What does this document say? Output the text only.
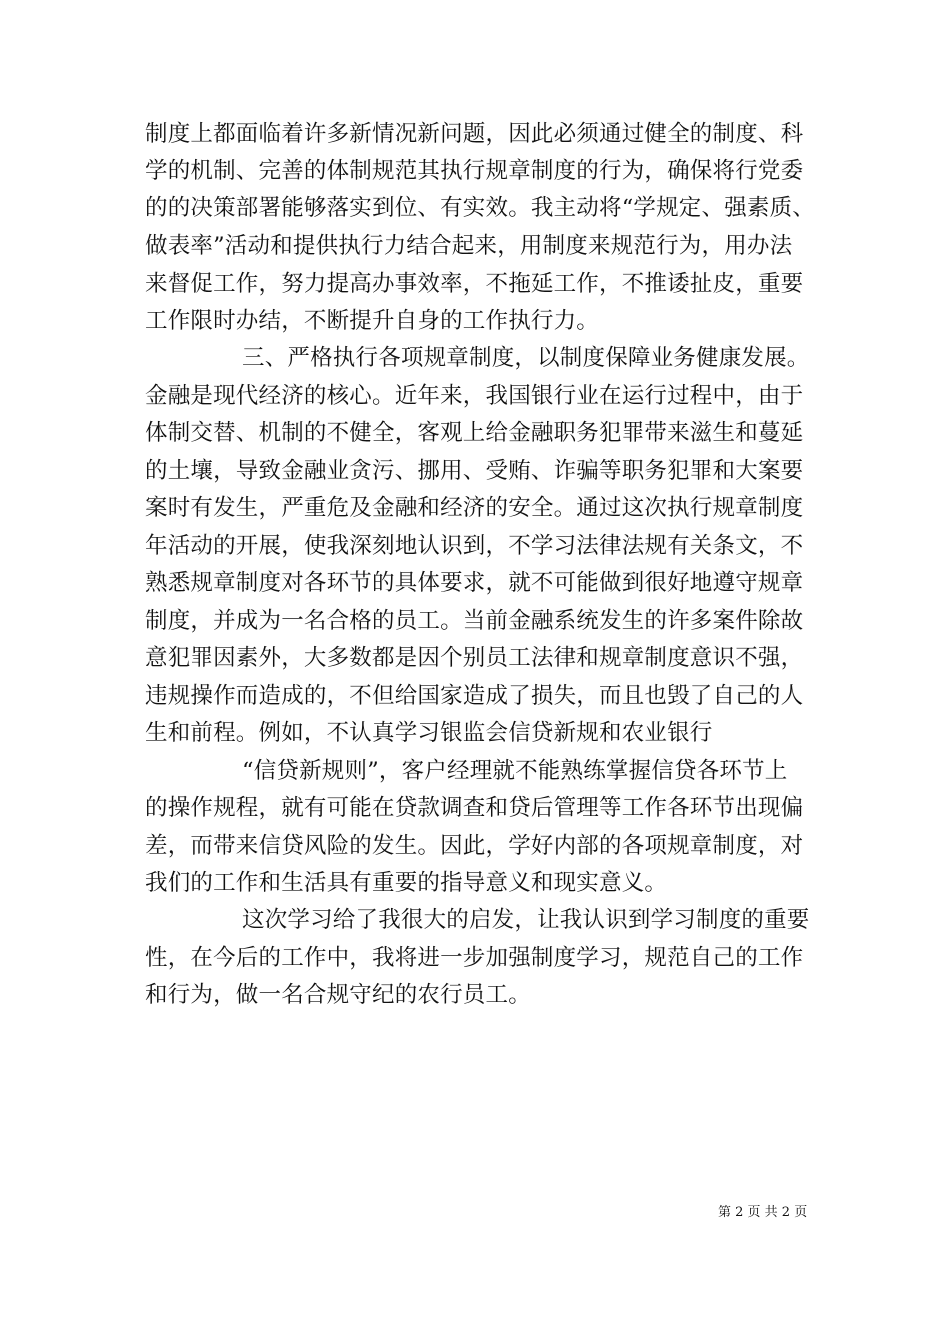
制度上都面临着许多新情况新问题，因此必须通过健全的制度、科
学的机制、完善的体制规范其执行规章制度的行为，确保将行党委
的的决策部署能够落实到位、有实效。我主动将“学规定、强素质、
做表率”活动和提供执行力结合起来，用制度来规范行为，用办法
来督促工作，努力提高办事效率，不拖延工作，不推诿扯皮，重要
工作限时办结，不断提升自身的工作执行力。
三、严格执行各项规章制度，以制度保障业务健康发展。
金融是现代经济的核心。近年来，我国银行业在运行过程中，由于
体制交替、机制的不健全，客观上给金融职务犯罪带来滋生和蔓延
的土壤，导致金融业贪污、挪用、受贿、诈骗等职务犯罪和大案要
案时有发生，严重危及金融和经济的安全。通过这次执行规章制度
年活动的开展，使我深刻地认识到，不学习法律法规有关条文，不
熟悉规章制度对各环节的具体要求，就不可能做到很好地遵守规章
制度，并成为一名合格的员工。当前金融系统发生的许多案件除故
意犯罪因素外，大多数都是因个别员工法律和规章制度意识不强，
违规操作而造成的，不但给国家造成了损失，而且也毁了自己的人
生和前程。例如，不认真学习银监会信贷新规和农业银行
“信贷新规则”，客户经理就不能熟练掌握信贷各环节上
的操作规程，就有可能在贷款调查和贷后管理等工作各环节出现偏
差，而带来信贷风险的发生。因此，学好内部的各项规章制度，对
我们的工作和生活具有重要的指导意义和现实意义。
这次学习给了我很大的启发，让我认识到学习制度的重要
性，在今后的工作中，我将进一步加强制度学习，规范自己的工作
和行为，做一名合规守纪的农行员工。
第 2 页 共 2 页
